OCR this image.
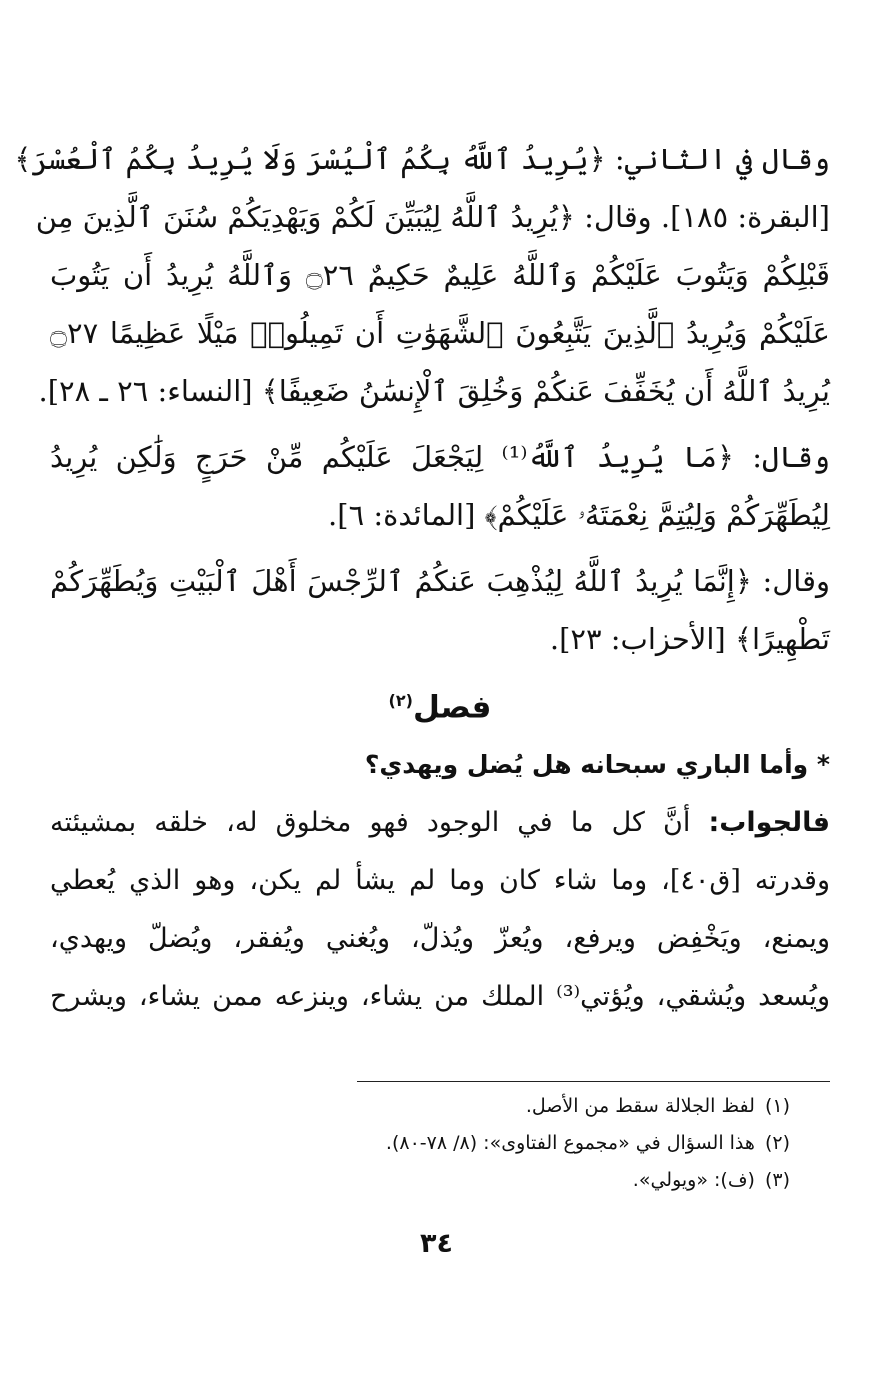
وقال في الثاني: ﴿يُرِيدُ ٱللَّهُ بِكُمُ ٱلْيُسْرَ وَلَا يُرِيدُ بِكُمُ ٱلْعُسْرَ﴾
[البقرة: ١٨٥]. وقال: ﴿يُرِيدُ ٱللَّهُ لِيُبَيِّنَ لَكُمْ وَيَهْدِيَكُمْ سُنَنَ ٱلَّذِينَ مِن
قَبْلِكُمْ وَيَتُوبَ عَلَيْكُمْ وَٱللَّهُ عَلِيمٌ حَكِيمٌ ۝٢٦ وَٱللَّهُ يُرِيدُ أَن يَتُوبَ
عَلَيْكُمْ وَيُرِيدُ ٱلَّذِينَ يَتَّبِعُونَ ٱلشَّهَوَٰتِ أَن تَمِيلُوا۟ مَيْلًا عَظِيمًا ۝٢٧
يُرِيدُ ٱللَّهُ أَن يُخَفِّفَ عَنكُمْ وَخُلِقَ ٱلْإِنسَٰنُ ضَعِيفًا﴾ [النساء: ٢٦ ـ ٢٨].
وقال: ﴿مَا يُرِيدُ ٱللَّهُ⁽¹⁾ لِيَجْعَلَ عَلَيْكُم مِّنْ حَرَجٍ وَلَٰكِن يُرِيدُ
لِيُطَهِّرَكُمْ وَلِيُتِمَّ نِعْمَتَهُۥ عَلَيْكُمْ﴾ [المائدة: ٦].
وقال: ﴿إِنَّمَا يُرِيدُ ٱللَّهُ لِيُذْهِبَ عَنكُمُ ٱلرِّجْسَ أَهْلَ ٱلْبَيْتِ وَيُطَهِّرَكُمْ
تَطْهِيرًا﴾ [الأحزاب: ٢٣].
فصل$^{(٢)}$
* وأما الباري سبحانه هل يُضل ويهدي؟
فالجواب: أنَّ كل ما في الوجود فهو مخلوق له، خلقه بمشيئته
وقدرته [ق٤٠]، وما شاء كان وما لم يشأ لم يكن، وهو الذي يُعطي
ويمنع، ويَخْفِض ويرفع، ويُعزّ ويُذلّ، ويُغني ويُفقر، ويُضلّ ويهدي،
ويُسعد ويُشقي، ويُؤتي⁽³⁾ الملك من يشاء، وينزعه ممن يشاء، ويشرح
(١)لفظ الجلالة سقط من الأصل.
(٢)هذا السؤال في «مجموع الفتاوى»: (٨/ ٧٨-٨٠).
(٣)(ف): «ويولي».
٣٤
